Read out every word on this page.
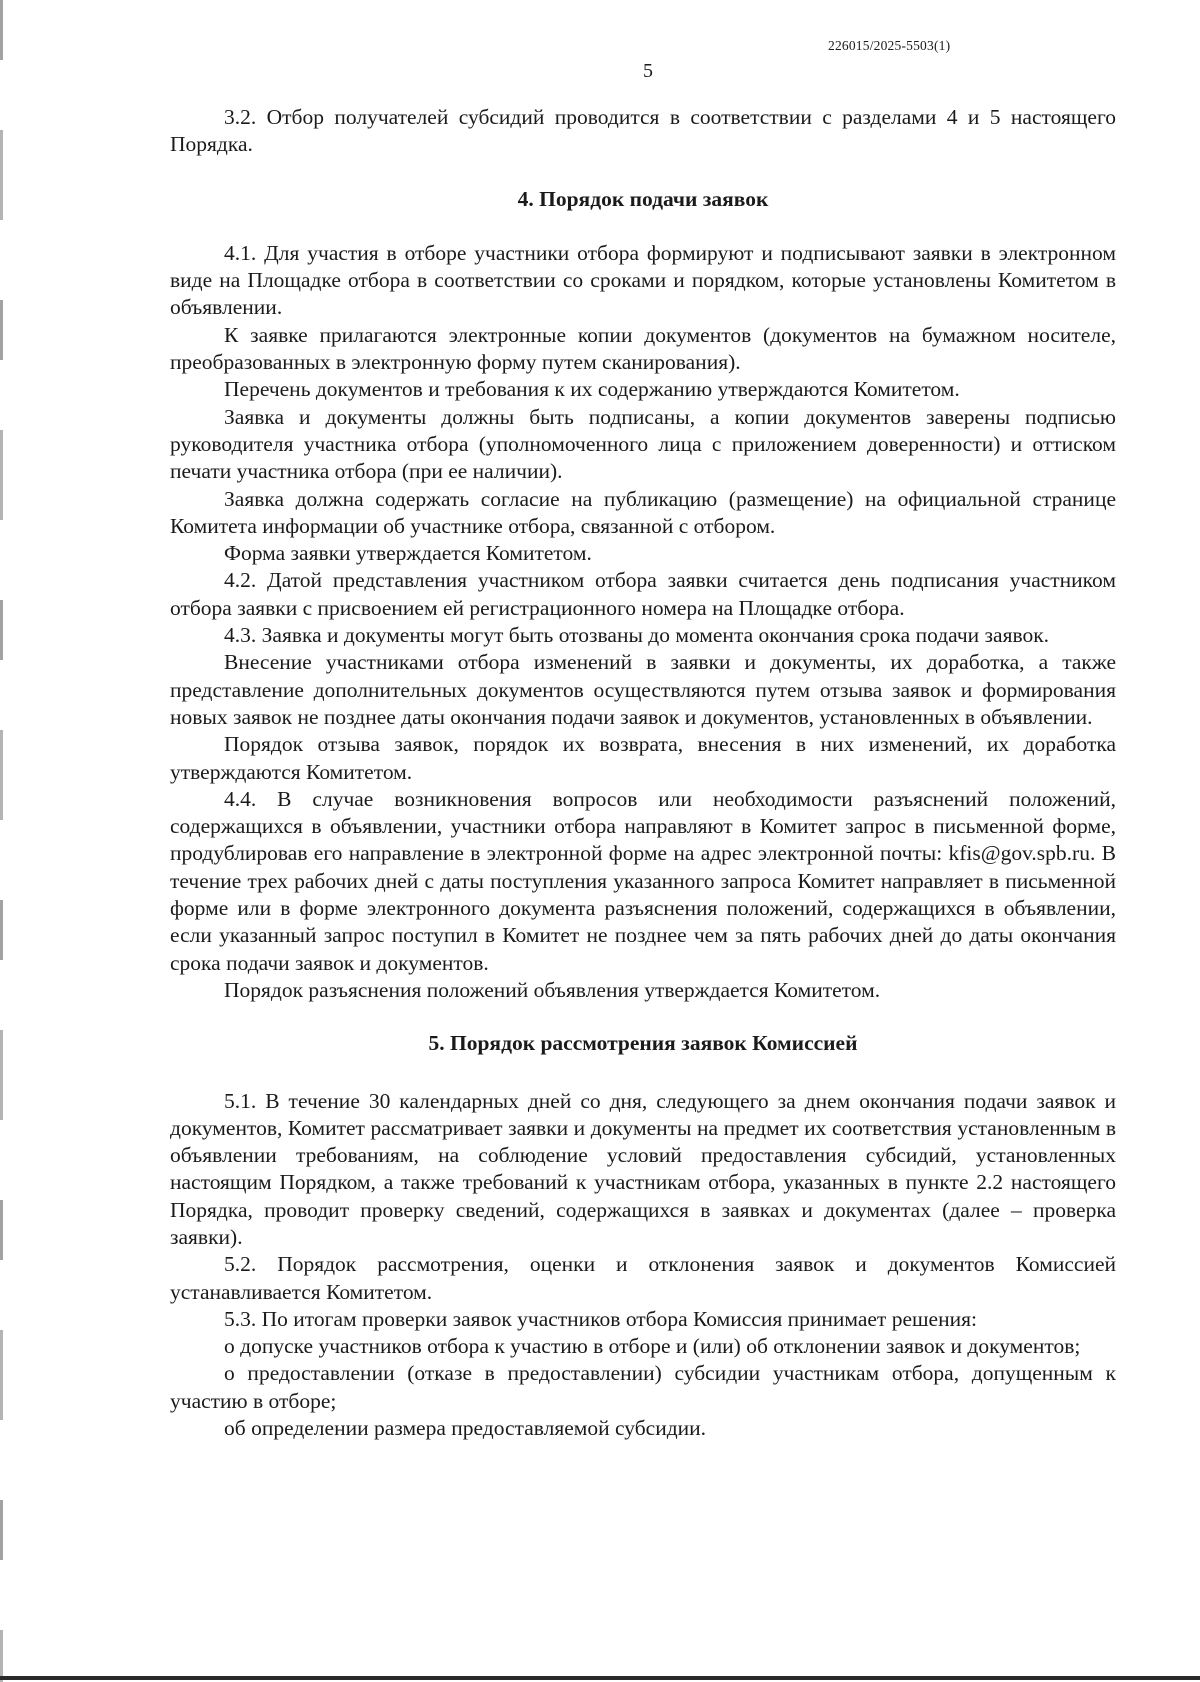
226015/2025-5503(1)
5

3.2. Отбор получателей субсидий проводится в соответствии с разделами 4 и 5 настоящего Порядка.

4. Порядок подачи заявок

4.1. Для участия в отборе участники отбора формируют и подписывают заявки в электронном виде на Площадке отбора в соответствии со сроками и порядком, которые установлены Комитетом в объявлении.

К заявке прилагаются электронные копии документов (документов на бумажном носителе, преобразованных в электронную форму путем сканирования).

Перечень документов и требования к их содержанию утверждаются Комитетом.

Заявка и документы должны быть подписаны, а копии документов заверены подписью руководителя участника отбора (уполномоченного лица с приложением доверенности) и оттиском печати участника отбора (при ее наличии).

Заявка должна содержать согласие на публикацию (размещение) на официальной странице Комитета информации об участнике отбора, связанной с отбором.

Форма заявки утверждается Комитетом.

4.2. Датой представления участником отбора заявки считается день подписания участником отбора заявки с присвоением ей регистрационного номера на Площадке отбора.

4.3. Заявка и документы могут быть отозваны до момента окончания срока подачи заявок.

Внесение участниками отбора изменений в заявки и документы, их доработка, а также представление дополнительных документов осуществляются путем отзыва заявок и формирования новых заявок не позднее даты окончания подачи заявок и документов, установленных в объявлении.

Порядок отзыва заявок, порядок их возврата, внесения в них изменений, их доработка утверждаются Комитетом.

4.4. В случае возникновения вопросов или необходимости разъяснений положений, содержащихся в объявлении, участники отбора направляют в Комитет запрос в письменной форме, продублировав его направление в электронной форме на адрес электронной почты: kfis@gov.spb.ru. В течение трех рабочих дней с даты поступления указанного запроса Комитет направляет в письменной форме или в форме электронного документа разъяснения положений, содержащихся в объявлении, если указанный запрос поступил в Комитет не позднее чем за пять рабочих дней до даты окончания срока подачи заявок и документов.

Порядок разъяснения положений объявления утверждается Комитетом.

5. Порядок рассмотрения заявок Комиссией

5.1. В течение 30 календарных дней со дня, следующего за днем окончания подачи заявок и документов, Комитет рассматривает заявки и документы на предмет их соответствия установленным в объявлении требованиям, на соблюдение условий предоставления субсидий, установленных настоящим Порядком, а также требований к участникам отбора, указанных в пункте 2.2 настоящего Порядка, проводит проверку сведений, содержащихся в заявках и документах (далее – проверка заявки).

5.2. Порядок рассмотрения, оценки и отклонения заявок и документов Комиссией устанавливается Комитетом.

5.3. По итогам проверки заявок участников отбора Комиссия принимает решения:

о допуске участников отбора к участию в отборе и (или) об отклонении заявок и документов;

о предоставлении (отказе в предоставлении) субсидии участникам отбора, допущенным к участию в отборе;

об определении размера предоставляемой субсидии.
